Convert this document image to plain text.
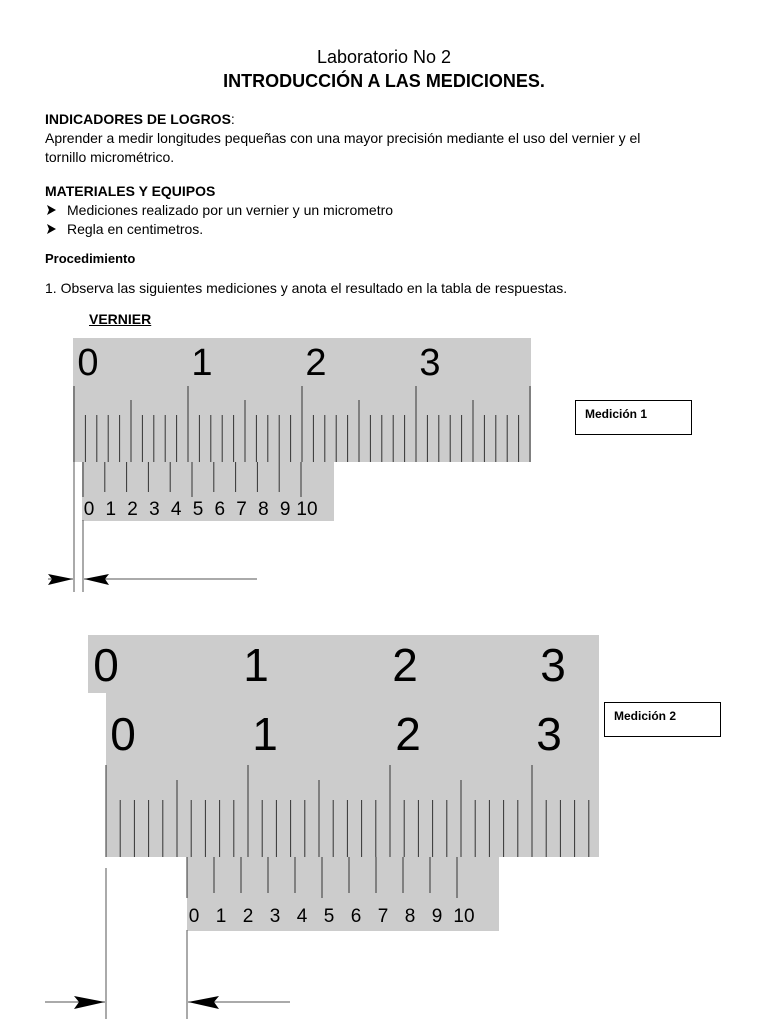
Laboratorio No 2
INTRODUCCIÓN A LAS MEDICIONES.
INDICADORES DE LOGROS:
Aprender a medir longitudes pequeñas con una mayor precisión mediante el uso del vernier y el
tornillo micrométrico.
MATERIALES Y EQUIPOS
Mediciones realizado por un vernier y un micrometro
Regla en centimetros.
Procedimiento
1. Observa las siguientes mediciones y anota el resultado en la tabla de respuestas.
VERNIER
Medición 1
Medición 2
0 1 2 3
0 1 2 3 4 5 6 7 8 9 10
0	1	2	3
0	1	2	3
0 1 2 3 4 5 6 7 8 9 10
